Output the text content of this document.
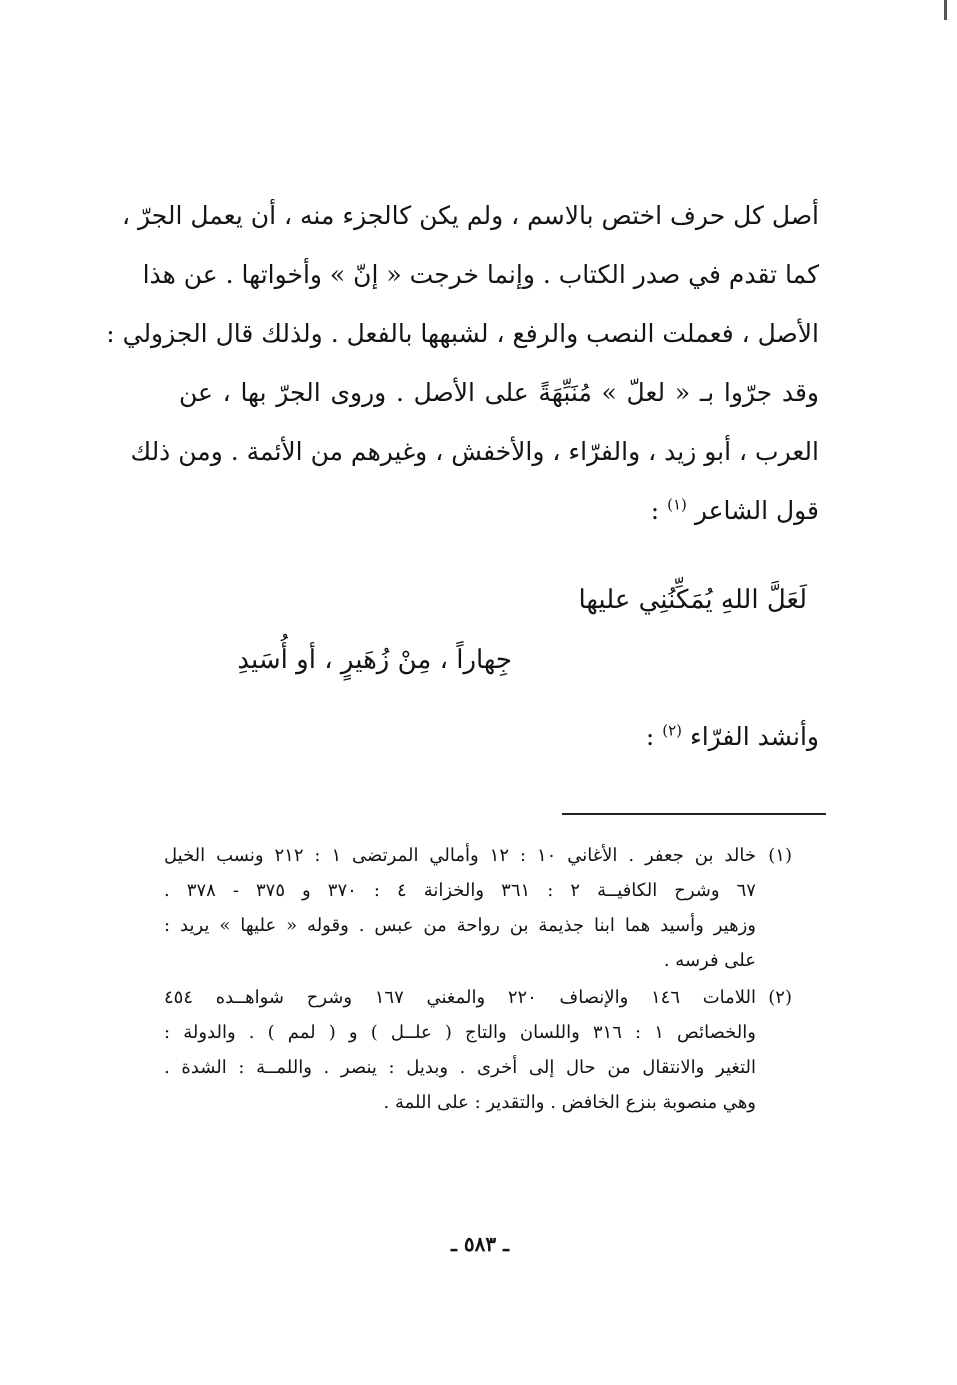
أصل كل حرف اختص بالاسم ، ولم يكن كالجزء منه ، أن يعمل الجرّ ،
كما تقدم في صدر الكتاب . وإنما خرجت « إنّ » وأخواتها . عن هذا
الأصل ، فعملت النصب والرفع ، لشبهها بالفعل . ولذلك قال الجزولي :
وقد جرّوا بـ « لعلّ » مُنَبِّهَةً على الأصل . وروى الجرّ بها ، عن
العرب ، أبو زيد ، والفرّاء ، والأخفش ، وغيرهم من الأئمة . ومن ذلك
قول الشاعر $^{(١)}$ :
لَعَلَّ اللهِ يُمَكِّنُنِي عليها
جِهاراً ، مِنْ زُهَيرٍ ، أو أُسَيدِ
وأنشد الفرّاء $^{(٢)}$ :
(١)
خالد بن جعفر . الأغاني ١٠ : ١٢ وأمالي المرتضى ١ : ٢١٢ ونسب الخيل
٦٧ وشرح الكافيــة ٢ : ٣٦١ والخزانة ٤ : ٣٧٠ و ٣٧٥ - ٣٧٨ .
وزهير وأسيد هما ابنا جذيمة بن رواحة من عبس . وقوله « عليها » يريد :
على فرسه .
(٢)
اللامات ١٤٦ والإنصاف ٢٢٠ والمغني ١٦٧ وشرح شواهــده ٤٥٤
والخصائص ١ : ٣١٦ واللسان والتاج ( علــل ) و ( لمم ) . والدولة :
التغير والانتقال من حال إلى أخرى . وبديل : ينصر . واللمــة : الشدة .
وهي منصوبة بنزع الخافض . والتقدير : على اللمة .
ـ ٥٨٣ ـ
